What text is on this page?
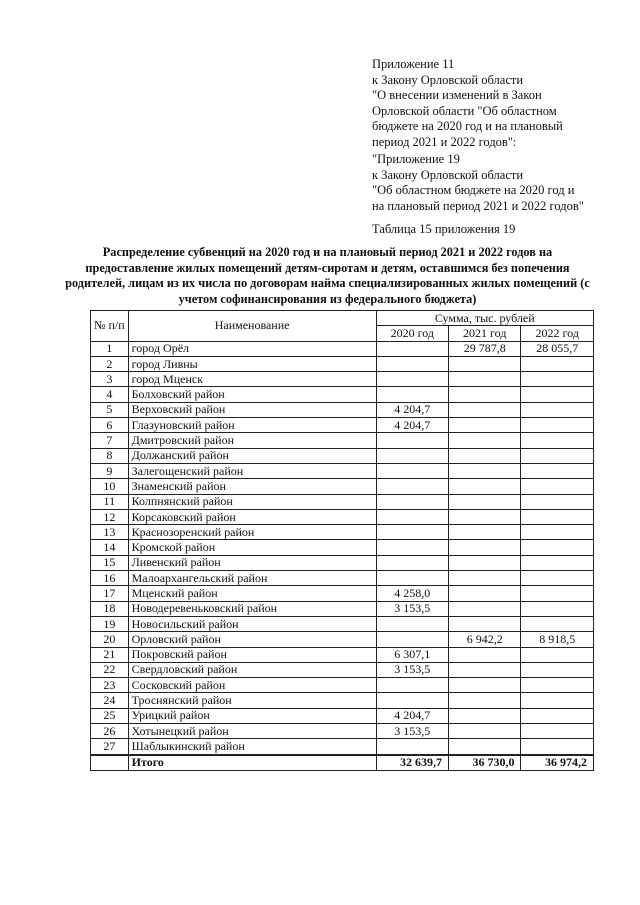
Приложение 11

к Закону Орловской области

"О внесении изменений в Закон

Орловской области "Об областном

бюджете на 2020 год и на плановый

период 2021 и 2022 годов":

"Приложение 19

к Закону Орловской области

"Об областном бюджете на 2020 год и

на плановый период 2021 и 2022 годов"

Таблица 15 приложения 19
Распределение субвенций на 2020 год и на плановый период 2021 и 2022 годов на предоставление жилых помещений детям-сиротам и детям, оставшимся без попечения родителей, лицам из их числа по договорам найма специализированных жилых помещений (с учетом софинансирования из федерального бюджета)
№ п/п	Наименование	Сумма, тыс. рублей		
		2020 год	2021 год	2022 год
1	город Орёл		29 787,8	28 055,7
2	город Ливны			
3	город Мценск			
4	Болховский район			
5	Верховский район	4 204,7		
6	Глазуновский район	4 204,7		
7	Дмитровский район			
8	Должанский район			
9	Залегощенский район			
10	Знаменский район			
11	Колпнянский район			
12	Корсаковский район			
13	Краснозоренский район			
14	Кромской район			
15	Ливенский район			
16	Малоархангельский район			
17	Мценский район	4 258,0		
18	Новодеревеньковский район	3 153,5		
19	Новосильский район			
20	Орловский район		6 942,2	8 918,5
21	Покровский район	6 307,1		
22	Свердловский район	3 153,5		
23	Сосковский район			
24	Троснянский район			
25	Урицкий район	4 204,7		
26	Хотынецкий район	3 153,5		
27	Шаблыкинский район			
	Итого	32 639,7	36 730,0	36 974,2
